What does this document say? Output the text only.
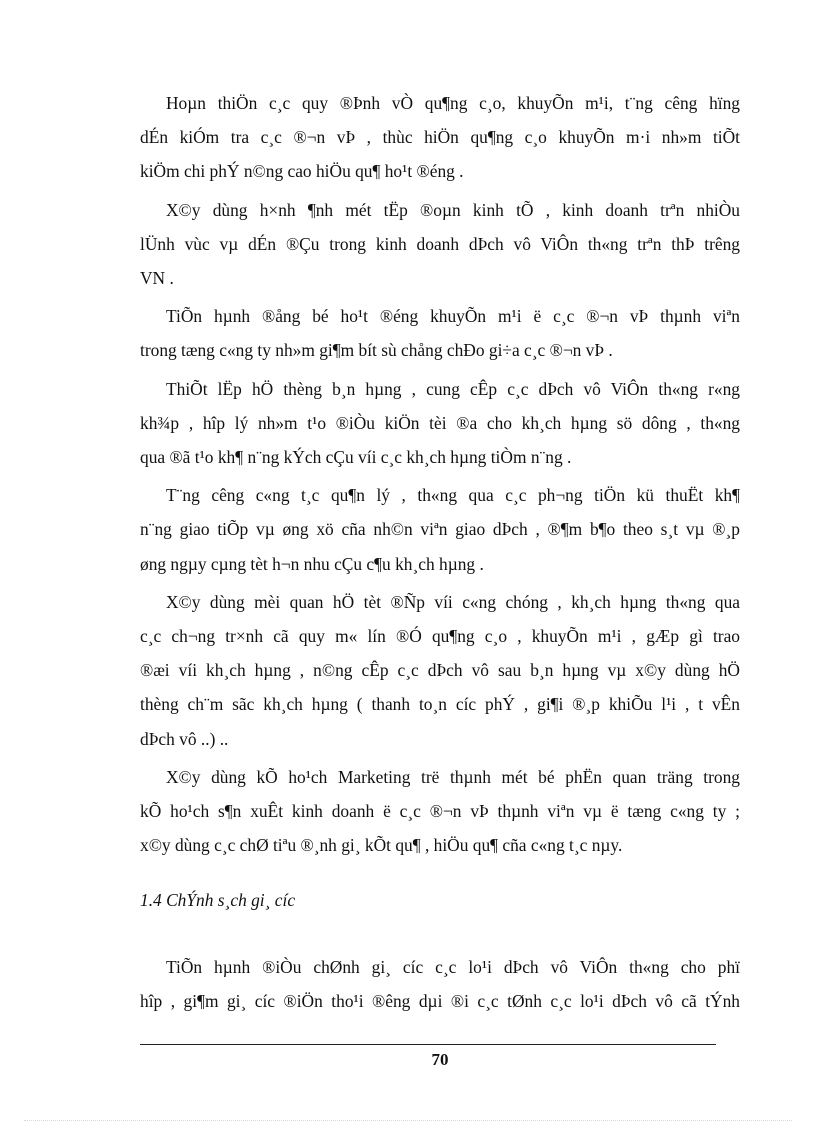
Hoµn thiÖn c¸c quy ®Þnh vÒ qu¶ng c¸o, khuyÕn m¹i, t¨ng cêng hïng
dÉn kiÓm tra c¸c ®¬n vÞ , thùc hiÖn qu¶ng c¸o khuyÕn m·i nh»m tiÕt
kiÖm chi phÝ n©ng cao hiÖu qu¶ ho¹t ®éng .

X©y dùng h×nh ¶nh mét tËp ®oµn kinh tÕ , kinh doanh trªn nhiÒu
lÜnh vùc vµ dÉn ®Çu trong kinh doanh dÞch vô ViÔn th«ng trªn thÞ trêng
VN .

TiÕn hµnh ®ång bé ho¹t ®éng khuyÕn m¹i ë c¸c ®¬n vÞ thµnh viªn
trong tæng c«ng ty nh»m gi¶m bít sù chång chÐo gi÷a c¸c ®¬n vÞ .

ThiÕt lËp hÖ thèng b¸n hµng , cung cÊp c¸c dÞch vô ViÔn th«ng r«ng
kh¾p , hîp lý nh»m t¹o ®iÒu kiÖn tèi ®a cho kh¸ch hµng sö dông , th«ng
qua ®ã t¹o kh¶ n¨ng kÝch cÇu víi c¸c kh¸ch hµng tiÒm n¨ng .

T¨ng cêng c«ng t¸c qu¶n lý , th«ng qua c¸c ph¬ng tiÖn kü thuËt kh¶
n¨ng giao tiÕp vµ øng xö cña nh©n viªn giao dÞch , ®¶m b¶o theo s¸t vµ ®¸p
øng ngµy cµng tèt h¬n nhu cÇu c¶u kh¸ch hµng .

X©y dùng mèi quan hÖ tèt ®Ñp víi c«ng chóng , kh¸ch hµng th«ng qua
c¸c ch¬ng tr×nh cã quy m« lín ®Ó qu¶ng c¸o , khuyÕn m¹i , gÆp gì trao
®æi víi kh¸ch hµng , n©ng cÊp c¸c dÞch vô sau b¸n hµng vµ x©y dùng hÖ
thèng ch¨m sãc kh¸ch hµng ( thanh to¸n cíc phÝ , gi¶i ®¸p khiÕu l¹i , t vÊn
dÞch vô ..) ..

X©y dùng kÕ ho¹ch Marketing trë thµnh mét bé phËn quan träng trong
kÕ ho¹ch s¶n xuÊt kinh doanh ë c¸c ®¬n vÞ thµnh viªn vµ ë tæng c«ng ty ;
x©y dùng c¸c chØ tiªu ®¸nh gi¸ kÕt qu¶ , hiÖu qu¶ cña c«ng t¸c nµy.

1.4 ChÝnh s¸ch gi¸ cíc

TiÕn hµnh ®iÒu chØnh gi¸ cíc c¸c lo¹i dÞch vô ViÔn th«ng cho phï
hîp , gi¶m gi¸ cíc ®iÖn tho¹i ®êng dµi ®i c¸c tØnh c¸c lo¹i dÞch vô cã tÝnh

70
